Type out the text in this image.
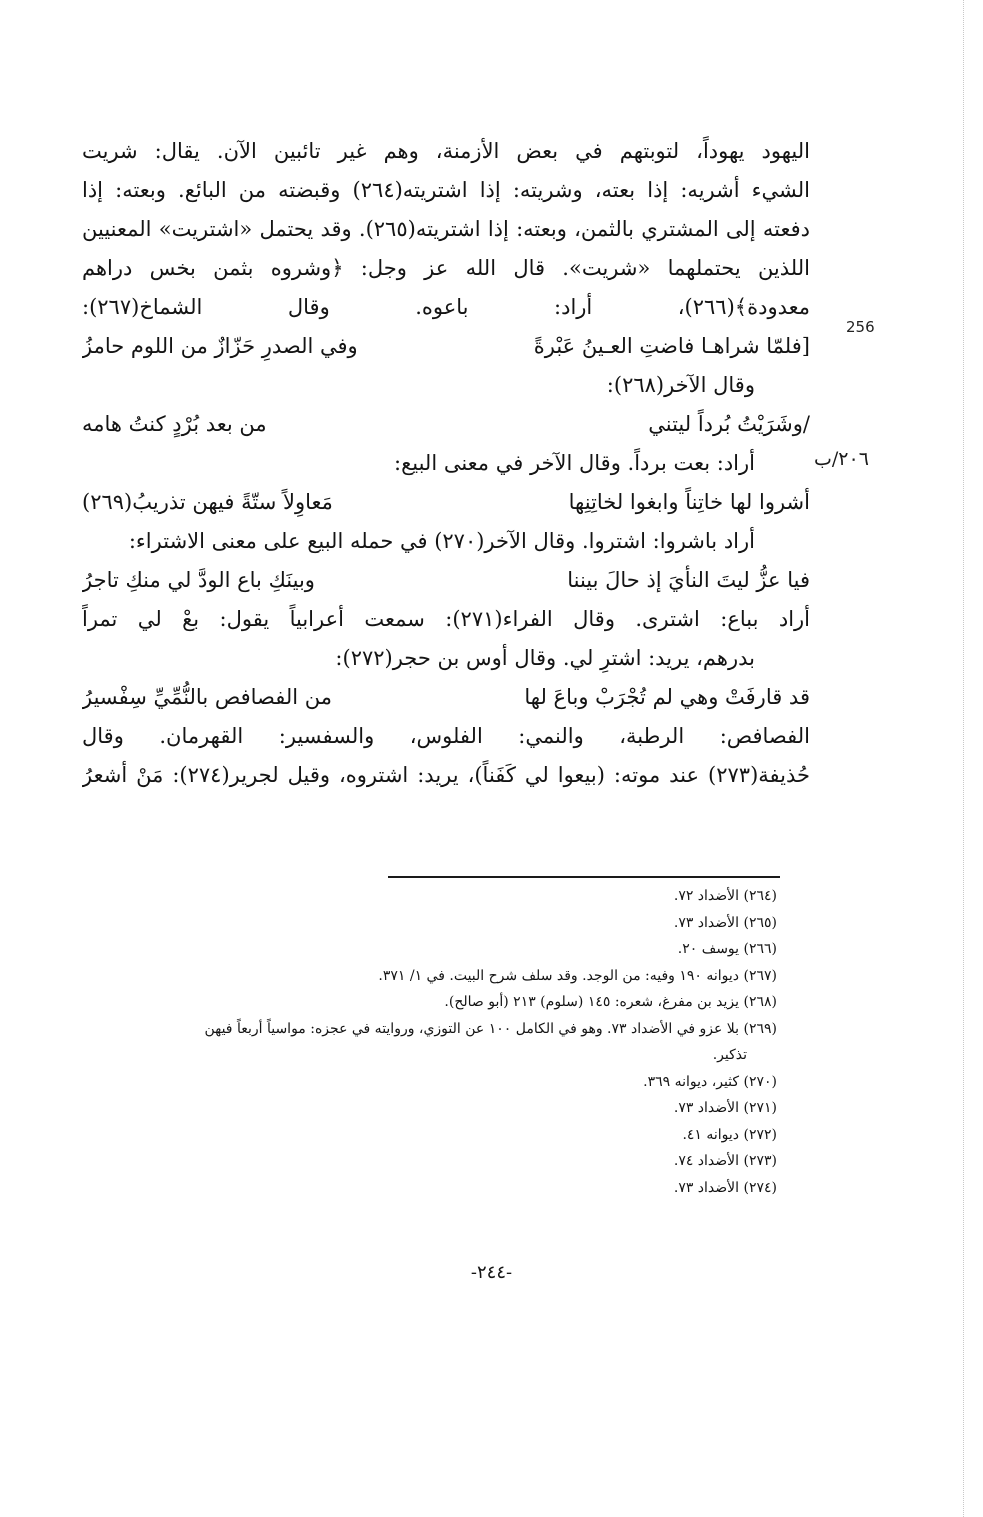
256
٢٠٦/ب
اليهود يهوداً، لتوبتهم في بعض الأزمنة، وهم غير تائبين الآن. يقال: شريت
الشيء أشريه: إذا بعته، وشريته: إذا اشتريته(٢٦٤) وقبضته من البائع. وبعته: إذا
دفعته إلى المشتري بالثمن، وبعته: إذا اشتريته(٢٦٥). وقد يحتمل «اشتريت» المعنيين
اللذين يحتملهما «شريت». قال الله عز وجل: ﴿وشروه بثمن بخس دراهم
معدودة﴾(٢٦٦)، أراد: باعوه. وقال الشماخ(٢٦٧):
[فلمّا شراهـا فاضتِ العـينُ عَبْرةً
وفي الصدرِ حَزّازٌ من اللوم حامزُ
وقال الآخر(٢٦٨):
/وشَرَيْتُ بُرداً ليتني
من بعد بُرْدٍ كنتُ هامه
أراد: بعت برداً. وقال الآخر في معنى البيع:
أشروا لها خاتِناً وابغوا لخاتِنِها
مَعاوِلاً ستّةً فيهن تذريبُ(٢٦٩)
أراد باشروا: اشتروا. وقال الآخر(٢٧٠) في حمله البيع على معنى الاشتراء:
فيا عزُّ ليتَ النأيَ إذ حالَ بيننا
وبينَكِ باع الودَّ لي منكِ تاجرُ
أراد بباع: اشترى. وقال الفراء(٢٧١): سمعت أعرابياً يقول: بعْ لي تمراً
بدرهم، يريد: اشترِ لي. وقال أوس بن حجر(٢٧٢):
قد قارفَتْ وهي لم تُجْرَبْ وباعَ لها
من الفصافص بالنُّمِّيِّ سِفْسيرُ
الفصافص: الرطبة، والنمي: الفلوس، والسفسير: القهرمان. وقال
حُذيفة(٢٧٣) عند موته: (بيعوا لي كَفَناً)، يريد: اشتروه، وقيل لجرير(٢٧٤): مَنْ أشعرُ
(٢٦٤) الأضداد ٧٢.
(٢٦٥) الأضداد ٧٣.
(٢٦٦) يوسف ٢٠.
(٢٦٧) ديوانه ١٩٠ وفيه: من الوجد. وقد سلف شرح البيت. في ١/ ٣٧١.
(٢٦٨) يزيد بن مفرغ، شعره: ١٤٥ (سلوم) ٢١٣ (أبو صالح).
(٢٦٩) بلا عزو في الأضداد ٧٣. وهو في الكامل ١٠٠ عن التوزي، وروايته في عجزه: مواسياً أربعاً فيهن
تذكير.
(٢٧٠) كثير، ديوانه ٣٦٩.
(٢٧١) الأضداد ٧٣.
(٢٧٢) ديوانه ٤١.
(٢٧٣) الأضداد ٧٤.
(٢٧٤) الأضداد ٧٣.
-٢٤٤-
